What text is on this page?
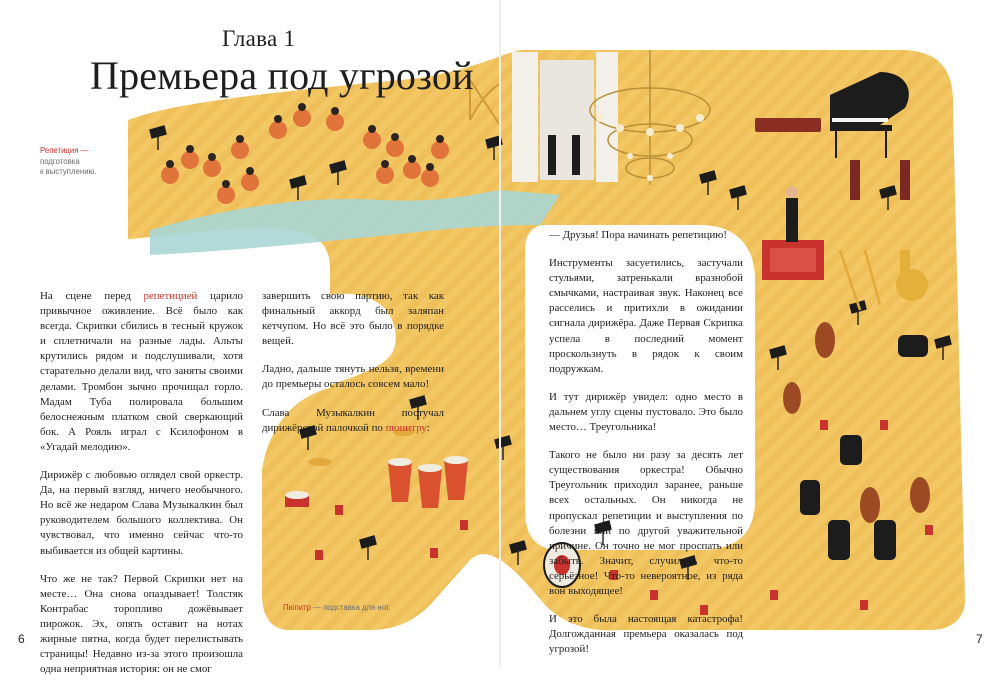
Глава 1
Премьера под угрозой
Репетиция —
подготовка
к выступлению.
Пюпитр — подставка для нот.

На сцене перед репетицией царило привычное оживление. Всё было как всегда. Скрипки сбились в тесный кружок и сплетничали на разные лады. Альты крутились рядом и подслушивали, хотя старательно делали вид, что заняты своими делами. Тромбон зычно прочищал горло. Мадам Туба полировала большим белоснежным платком свой сверкающий бок. А Рояль играл с Ксилофоном в «Угадай мелодию».

Дирижёр с любовью оглядел свой оркестр. Да, на первый взгляд, ничего необычного. Но всё же недаром Слава Музыкалкин был руководителем большого коллектива. Он чувствовал, что именно сейчас что-то выбивается из общей картины.

Что же не так? Первой Скрипки нет на месте… Она снова опаздывает! Толстяк Контрабас торопливо дожёвывает пирожок. Эх, опять оставит на нотах жирные пятна, когда будет перелистывать страницы! Недавно из-за этого произошла одна неприятная история: он не смог

завершить свою партию, так как финальный аккорд был заляпан кетчупом. Но всё это было в порядке вещей.

Ладно, дальше тянуть нельзя, времени до премьеры осталось совсем мало!

Слава Музыкалкин постучал дирижёрской палочкой по пюпитру:

— Друзья! Пора начинать репетицию!

Инструменты засуетились, застучали стульями, затренькали вразнобой смычками, настраивая звук. Наконец все расселись и притихли в ожидании сигнала дирижёра. Даже Первая Скрипка успела в последний момент проскользнуть в рядок к своим подружкам.

И тут дирижёр увидел: одно место в дальнем углу сцены пустовало. Это было место… Треугольника!

Такого не было ни разу за десять лет существования оркестра! Обычно Треугольник приходил заранее, раньше всех остальных. Он никогда не пропускал репетиции и выступления по болезни или по другой уважительной причине. Он точно не мог проспать или забыть. Значит, случилось что-то серьёзное! Что-то невероятное, из ряда вон выходящее!

И это была настоящая катастрофа! Долгожданная премьера оказалась под угрозой!

6	7
